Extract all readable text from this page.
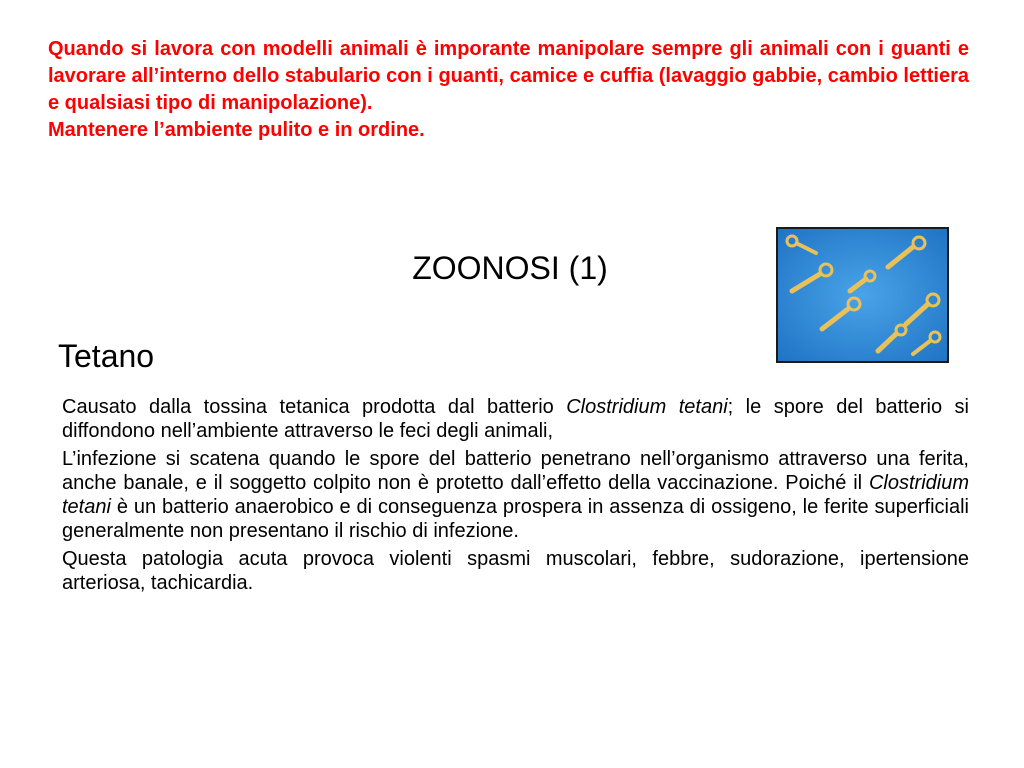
Quando si lavora con modelli animali è imporante manipolare sempre gli animali con i guanti e lavorare all’interno dello stabulario con i guanti, camice e cuffia (lavaggio gabbie, cambio lettiera e qualsiasi tipo di manipolazione).

Mantenere l’ambiente pulito e in ordine.

ZOONOSI (1)
Tetano

Causato dalla tossina tetanica prodotta dal batterio Clostridium tetani; le spore del batterio si diffondono nell’ambiente attraverso le feci degli animali,

L’infezione si scatena quando le spore del batterio penetrano nell’organismo attraverso una ferita, anche banale, e il soggetto colpito non è protetto dall’effetto della vaccinazione. Poiché il Clostridium tetani è un batterio anaerobico e di conseguenza prospera in assenza di ossigeno, le ferite superficiali generalmente non presentano il rischio di infezione.

Questa patologia acuta provoca violenti spasmi muscolari, febbre, sudorazione, ipertensione arteriosa, tachicardia.
